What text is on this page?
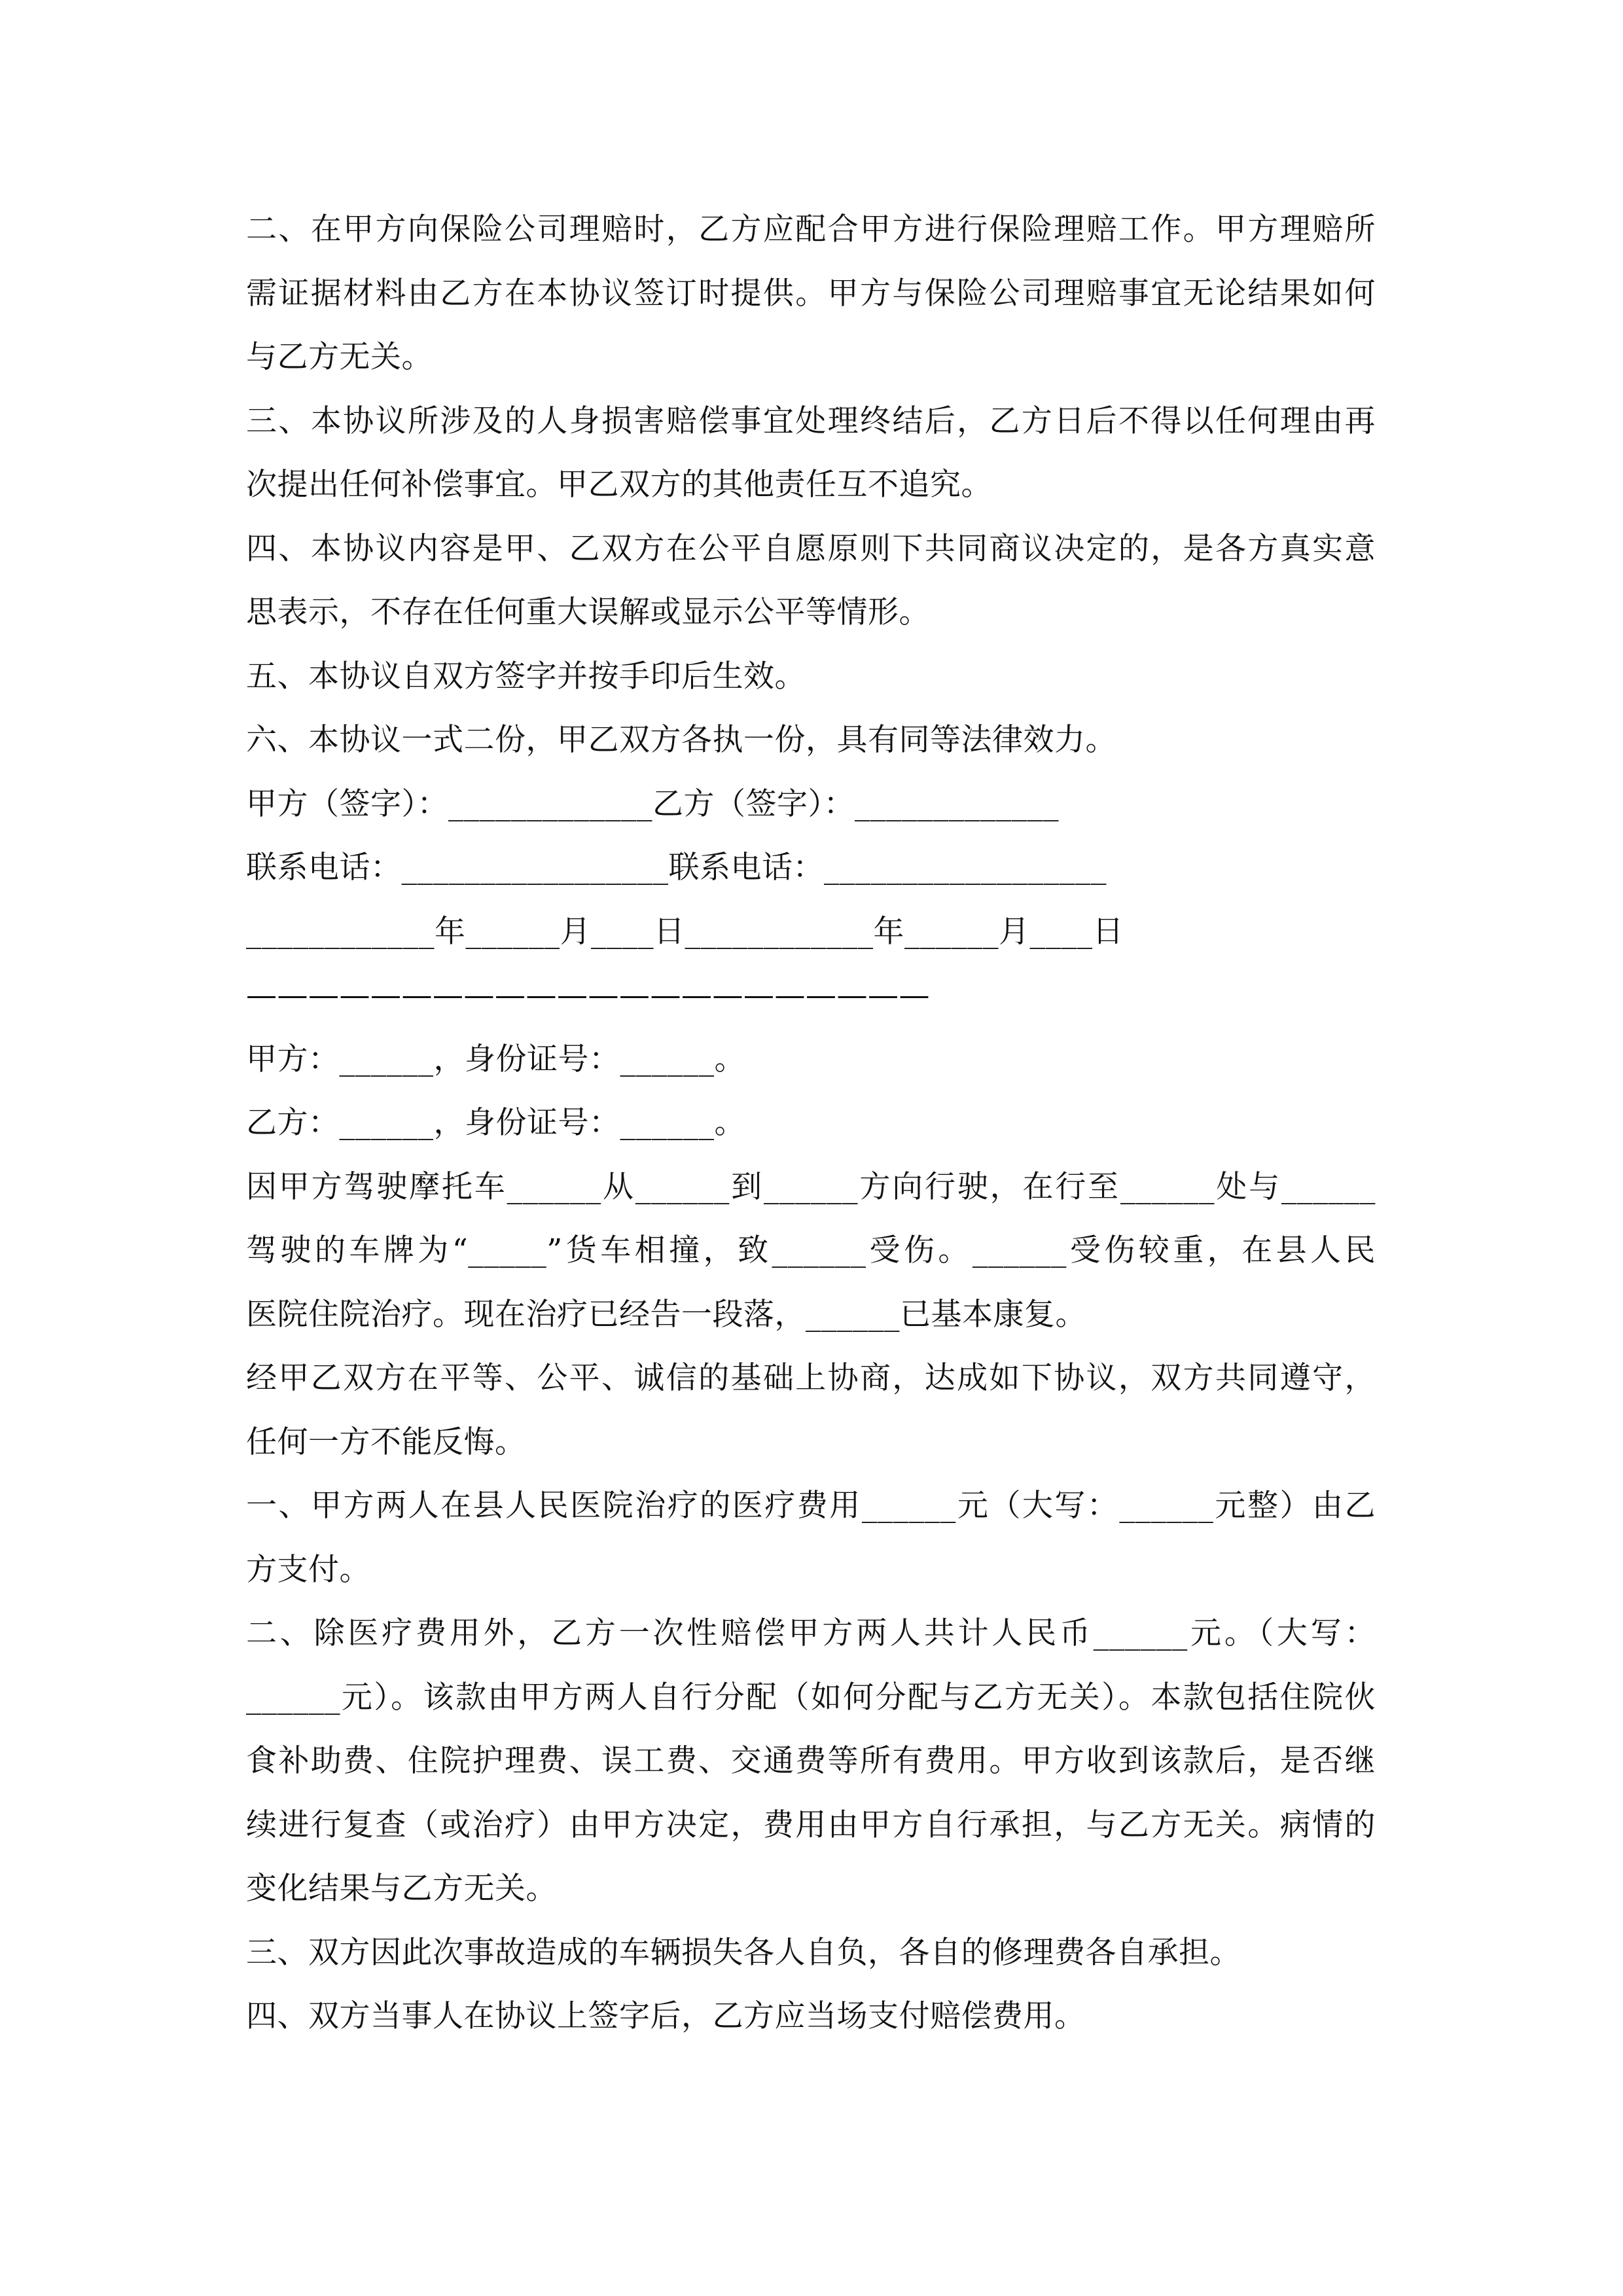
二、在甲方向保险公司理赔时，乙方应配合甲方进行保险理赔工作。甲方理赔所
需证据材料由乙方在本协议签订时提供。甲方与保险公司理赔事宜无论结果如何
与乙方无关。
三、本协议所涉及的人身损害赔偿事宜处理终结后，乙方日后不得以任何理由再
次提出任何补偿事宜。甲乙双方的其他责任互不追究。
四、本协议内容是甲、乙双方在公平自愿原则下共同商议决定的，是各方真实意
思表示，不存在任何重大误解或显示公平等情形。
五、本协议自双方签字并按手印后生效。
六、本协议一式二份，甲乙双方各执一份，具有同等法律效力。
甲方（签字）：_____________乙方（签字）：_____________
联系电话：_________________联系电话：__________________
____________年______月____日____________年______月____日
——————————————————————
甲方：______，身份证号：______。
乙方：______，身份证号：______。
因甲方驾驶摩托车______从______到______方向行驶，在行至______处与______
驾驶的车牌为“_____”货车相撞，致______受伤。______受伤较重，在县人民
医院住院治疗。现在治疗已经告一段落，______已基本康复。
经甲乙双方在平等、公平、诚信的基础上协商，达成如下协议，双方共同遵守，
任何一方不能反悔。
一、甲方两人在县人民医院治疗的医疗费用______元（大写：______元整）由乙
方支付。
二、除医疗费用外，乙方一次性赔偿甲方两人共计人民币______元。（大写：
______元）。该款由甲方两人自行分配（如何分配与乙方无关）。本款包括住院伙
食补助费、住院护理费、误工费、交通费等所有费用。甲方收到该款后，是否继
续进行复查（或治疗）由甲方决定，费用由甲方自行承担，与乙方无关。病情的
变化结果与乙方无关。
三、双方因此次事故造成的车辆损失各人自负，各自的修理费各自承担。
四、双方当事人在协议上签字后，乙方应当场支付赔偿费用。
